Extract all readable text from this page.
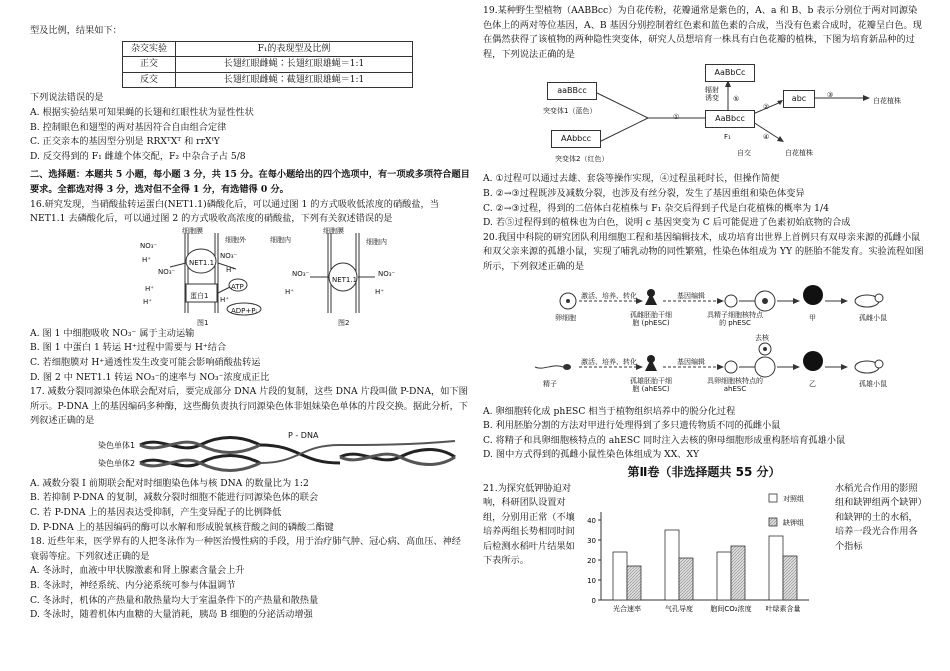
型及比例，结果如下：

杂交实验	F₁的表现型及比例
正交	长翅红眼雌蝇∶长翅红眼雄蝇＝1:1
反交	长翅红眼雌蝇∶截翅红眼雄蝇＝1:1

下列说法错误的是

A. 根据实验结果可知果蝇的长翅和红眼性状为显性性状

B. 控制眼色和翅型的两对基因符合自由组合定律

C. 正交亲本的基因型分别是 RRXᵀXᵀ 和 rrXᵗY

D. 反交得到的 F₁ 雌雄个体交配，F₂ 中杂合子占 5/8

二、选择题：本题共 5 小题，每小题 3 分，共 15 分。在每小题给出的四个选项中，有一项或多项符合题目要求。全都选对得 3 分，选对但不全得 1 分，有选错得 0 分。

16.研究发现，当硝酸盐转运蛋白(NET1.1)磷酸化后，可以通过图 1 的方式吸收低浓度的硝酸盐，当 NET1.1 去磷酸化后，可以通过图 2 的方式吸收高浓度的硝酸盐，下列有关叙述错误的是

细胞膜
细胞外	细胞内
NO₃⁻
H⁺
NO₃⁻
H⁺
H⁺
NET1.1
蛋白1
ATP
ADP+Pᵢ
NO₃⁻
H⁺
H⁺
图1
细胞膜
细胞内
NO₃⁻	NO₃⁻
NET1.1
H⁺	H⁺
图2

A. 图 1 中细胞吸收 NO₃⁻ 属于主动运输

B. 图 1 中蛋白 1 转运 H⁺过程中需要与 H⁺结合

C. 若细胞膜对 H⁺通透性发生改变可能会影响硝酸盐转运

D. 图 2 中 NET1.1 转运 NO₃⁻的速率与 NO₃⁻浓度成正比

17. 减数分裂同源染色体联会配对后，要完成部分 DNA 片段的复制，这些 DNA 片段叫做 P-DNA，如下图所示。P-DNA 上的基因编码多种酶，这些酶负责执行同源染色体非姐妹染色单体的片段交换。据此分析，下列叙述正确的是

染色单体1
染色单体2
P - DNA

A. 减数分裂 I 前期联会配对时细胞染色体与核 DNA 的数量比为 1:2

B. 若抑制 P-DNA 的复制，减数分裂时细胞不能进行同源染色体的联会

C. 若 P-DNA 上的基因表达受抑制，产生变异配子的比例降低

D. P-DNA 上的基因编码的酶可以水解和形成脱氧核苷酸之间的磷酸二酯键

18. 近些年来，医学界有的人把冬泳作为一种医治慢性病的手段，用于治疗肺气肿、冠心病、高血压、神经衰弱等症。下列叙述正确的是

A. 冬泳时，血液中甲状腺激素和肾上腺素含量会上升

B. 冬泳时，神经系统、内分泌系统可参与体温调节

C. 冬泳时，机体的产热量和散热量均大于室温条件下的产热量和散热量

D. 冬泳时，随着机体内血糖的大量消耗，胰岛 B 细胞的分泌活动增强

19.某种野生型植物（AABBcc）为自花传粉，花瓣通常是紫色的，A、a 和 B、b 表示分别位于两对同源染色体上的两对等位基因，A、B 基因分别控制着红色素和蓝色素的合成，当没有色素合成时，花瓣呈白色。现在偶然获得了该植物的两种隐性突变体，研究人员想培育一株具有白色花瓣的植株，下图为培育新品种的过程，下列说法正确的是

aaBBcc
突变体1（蓝色）
AAbbcc
突变体2（红色）
AaBbCc
辐射诱变 ⑤
AaBbcc
F₁
①
②
abc	③
白花植株
④
自交	白花植株

A. ①过程可以通过去雄、套袋等操作实现，④过程虽耗时长，但操作简便

B. ②→③过程既涉及减数分裂，也涉及有丝分裂，发生了基因重组和染色体变异

C. ②→③过程，得到的二倍体白花植株与 F₁ 杂交后得到子代是白花植株的概率为 1/4

D. 若⑤过程得到的植株也为白色，说明 c 基因突变为 C 后可能促进了色素初始底物的合成

20.我国中科院的研究团队利用细胞工程和基因编辑技术，成功培育出世界上首例只有双母亲来源的孤雌小鼠和双父亲来源的孤雄小鼠，实现了哺乳动物的同性繁殖，性染色体组成为 YY 的胚胎不能发育。实验流程如图所示，下列叙述正确的是

卵细胞
激活、培养、转化
孤雌胚胎干细胞 (phESC)
基因编辑
具精子细胞核特点的 phESC
甲	孤雌小鼠
精子
激活、培养、转化
孤雄胚胎干细胞 (ahESC)
基因编辑
具卵细胞核特点的 ahESC
去核
乙	孤雄小鼠

A. 卵细胞转化成 phESC 相当于植物组织培养中的脱分化过程

B. 利用胚胎分割的方法对甲进行处理得到了多只遗传物质不同的孤雌小鼠

C. 将精子和具卵细胞核特点的 ahESC 同时注入去核的卵母细胞形成重构胚培育孤雄小鼠

D. 图中方式得到的孤雌小鼠性染色体组成为 XX、XY

第Ⅱ卷（非选择题共 55 分）

21.为探究低钾胁迫对响，科研团队设置对组，分别用正常（不壤培养两组长势相同时间后检测水稻叶片结果如下表所示。

水稻光合作用的影照组和缺钾组两个缺钾）和缺钾的土的水稻，培养一段光合作用各个指标

0
10
20
30
40
光合速率	气孔导度 胞间CO₂浓度 叶绿素含量
对照组
缺钾组
